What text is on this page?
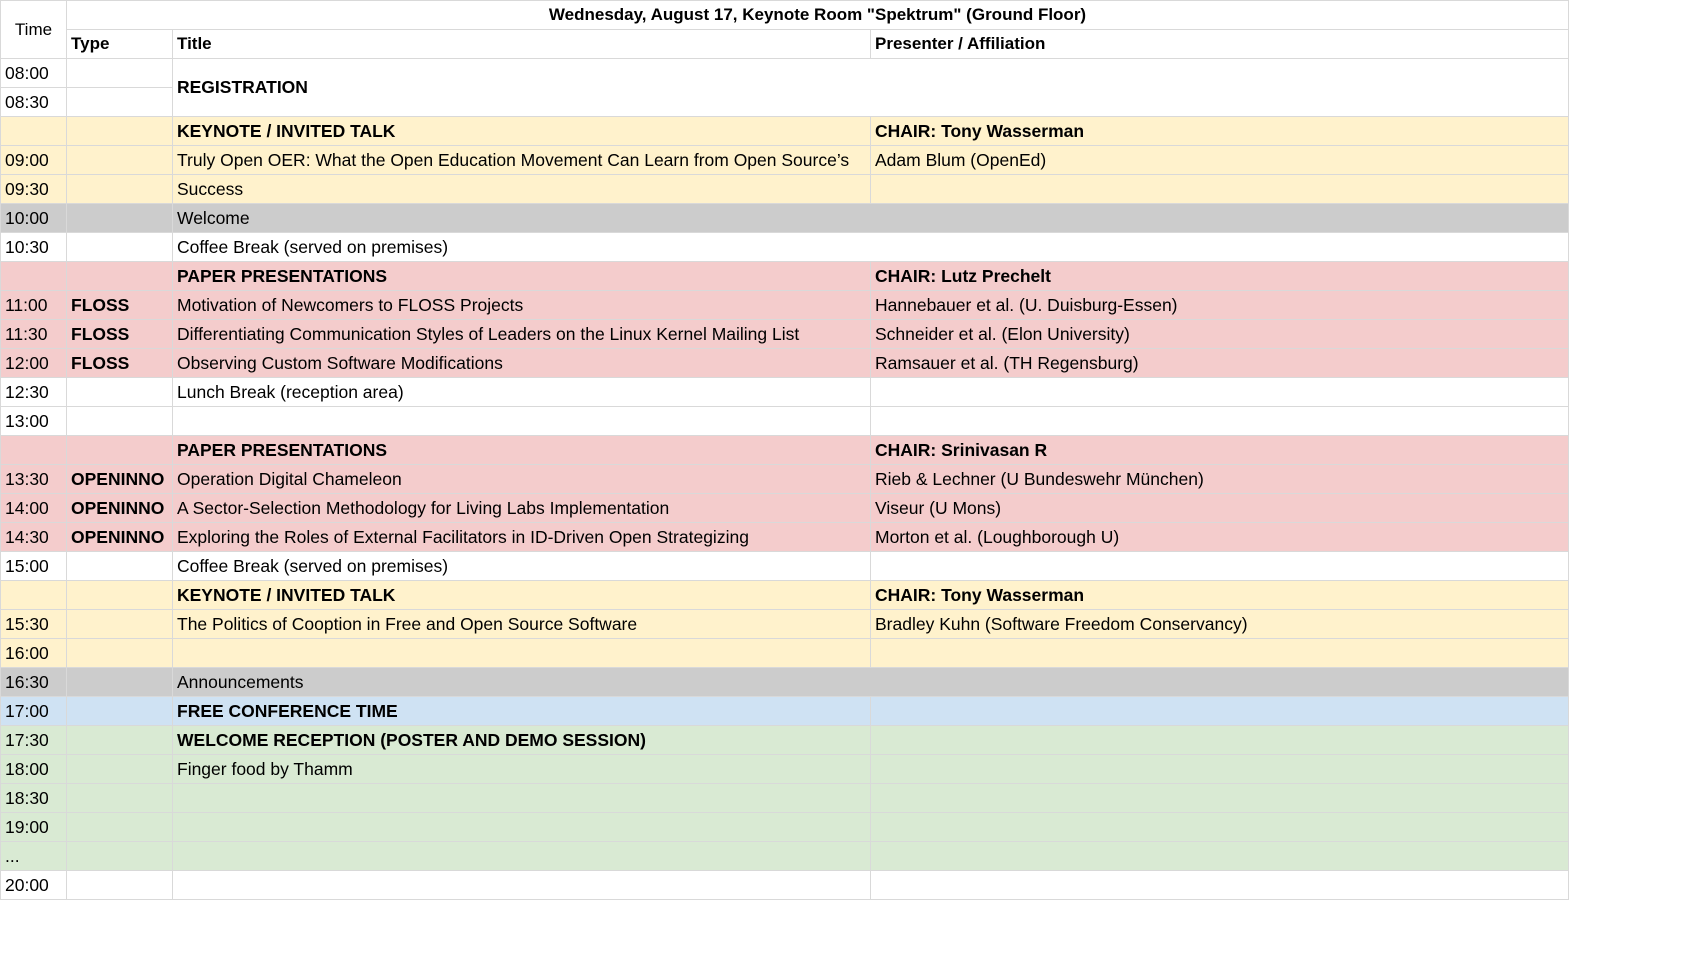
Time	Wednesday, August 17, Keynote Room "Spektrum" (Ground Floor)		
	Type	Title	Presenter / Affiliation
08:00		REGISTRATION	
08:30			
		KEYNOTE / INVITED TALK	CHAIR: Tony Wasserman
09:00		Truly Open OER: What the Open Education Movement Can Learn from Open Source’s	Adam Blum (OpenEd)
09:30		Success	
10:00		Welcome	
10:30		Coffee Break (served on premises)	
		PAPER PRESENTATIONS	CHAIR: Lutz Prechelt
11:00	FLOSS	Motivation of Newcomers to FLOSS Projects	Hannebauer et al. (U. Duisburg-Essen)
11:30	FLOSS	Differentiating Communication Styles of Leaders on the Linux Kernel Mailing List	Schneider et al. (Elon University)
12:00	FLOSS	Observing Custom Software Modifications	Ramsauer et al. (TH Regensburg)
12:30		Lunch Break (reception area)	
13:00			
		PAPER PRESENTATIONS	CHAIR: Srinivasan R
13:30	OPENINNO	Operation Digital Chameleon	Rieb & Lechner (U Bundeswehr München)
14:00	OPENINNO	A Sector-Selection Methodology for Living Labs Implementation	Viseur (U Mons)
14:30	OPENINNO	Exploring the Roles of External Facilitators in ID-Driven Open Strategizing	Morton et al. (Loughborough U)
15:00		Coffee Break (served on premises)	
		KEYNOTE / INVITED TALK	CHAIR: Tony Wasserman
15:30		The Politics of Cooption in Free and Open Source Software	Bradley Kuhn (Software Freedom Conservancy)
16:00			
16:30		Announcements	
17:00		FREE CONFERENCE TIME	
17:30		WELCOME RECEPTION (POSTER AND DEMO SESSION)	
18:00		Finger food by Thamm	
18:30			
19:00			
...			
20:00			
